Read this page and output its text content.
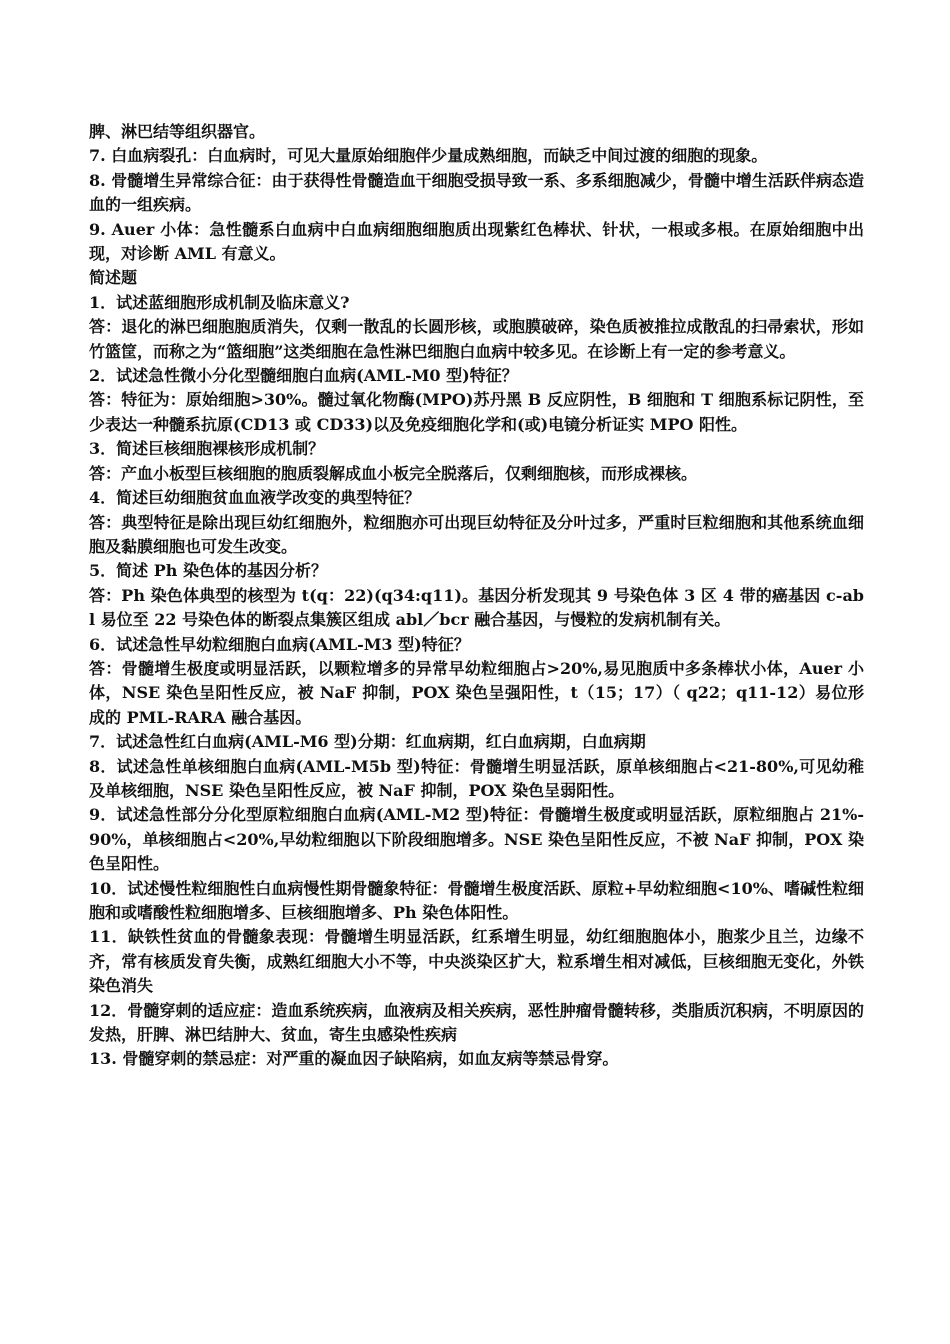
脾、淋巴结等组织器官。

7. 白血病裂孔：白血病时，可见大量原始细胞伴少量成熟细胞，而缺乏中间过渡的细胞的现象。

8. 骨髓增生异常综合征：由于获得性骨髓造血干细胞受损导致一系、多系细胞减少，骨髓中增生活跃伴病态造血的一组疾病。

9. Auer 小体：急性髓系白血病中白血病细胞细胞质出现紫红色棒状、针状，一根或多根。在原始细胞中出现，对诊断 AML 有意义。

简述题

1．试述蓝细胞形成机制及临床意义?

答：退化的淋巴细胞胞质消失，仅剩一散乱的长圆形核，或胞膜破碎，染色质被推拉成散乱的扫帚索状，形如竹篮筐，而称之为“篮细胞”这类细胞在急性淋巴细胞白血病中较多见。在诊断上有一定的参考意义。

2．试述急性微小分化型髓细胞白血病(AML-M0 型)特征？

答：特征为：原始细胞>30%。髓过氧化物酶(MPO)苏丹黑 B 反应阴性，B 细胞和 T 细胞系标记阴性，至少表达一种髓系抗原(CD13 或 CD33)以及免疫细胞化学和(或)电镜分析证实 MPO 阳性。

3．简述巨核细胞裸核形成机制？

答：产血小板型巨核细胞的胞质裂解成血小板完全脱落后，仅剩细胞核，而形成裸核。

4．简述巨幼细胞贫血血液学改变的典型特征？

答：典型特征是除出现巨幼红细胞外，粒细胞亦可出现巨幼特征及分叶过多，严重时巨粒细胞和其他系统血细胞及黏膜细胞也可发生改变。

5．简述 Ph 染色体的基因分析？

答：Ph 染色体典型的核型为 t(q：22)(q34:q11)。基因分析发现其 9 号染色体 3 区 4 带的癌基因 c-abl 易位至 22 号染色体的断裂点集簇区组成 abl／bcr 融合基因，与慢粒的发病机制有关。

6．试述急性早幼粒细胞白血病(AML-M3 型)特征？

答：骨髓增生极度或明显活跃，以颗粒增多的异常早幼粒细胞占>20%,易见胞质中多条棒状小体，Auer 小体，NSE 染色呈阳性反应，被 NaF 抑制，POX 染色呈强阳性，t（15；17）（ q22；q11-12）易位形成的 PML-RARA 融合基因。

7．试述急性红白血病(AML-M6 型)分期：红血病期，红白血病期，白血病期

8．试述急性单核细胞白血病(AML-M5b 型)特征：骨髓增生明显活跃，原单核细胞占<21-80%,可见幼稚及单核细胞，NSE 染色呈阳性反应，被 NaF 抑制，POX 染色呈弱阳性。

9．试述急性部分分化型原粒细胞白血病(AML-M2 型)特征：骨髓增生极度或明显活跃，原粒细胞占 21%-90%，单核细胞占<20%,早幼粒细胞以下阶段细胞增多。NSE 染色呈阳性反应，不被 NaF 抑制，POX 染色呈阳性。

10．试述慢性粒细胞性白血病慢性期骨髓象特征：骨髓增生极度活跃、原粒+早幼粒细胞<10%、嗜碱性粒细胞和或嗜酸性粒细胞增多、巨核细胞增多、Ph 染色体阳性。

11．缺铁性贫血的骨髓象表现：骨髓增生明显活跃，红系增生明显，幼红细胞胞体小，胞浆少且兰，边缘不齐，常有核质发育失衡，成熟红细胞大小不等，中央淡染区扩大，粒系增生相对减低，巨核细胞无变化，外铁染色消失

12．骨髓穿刺的适应症：造血系统疾病，血液病及相关疾病，恶性肿瘤骨髓转移，类脂质沉积病，不明原因的发热，肝脾、淋巴结肿大、贫血，寄生虫感染性疾病

13. 骨髓穿刺的禁忌症：对严重的凝血因子缺陷病，如血友病等禁忌骨穿。
